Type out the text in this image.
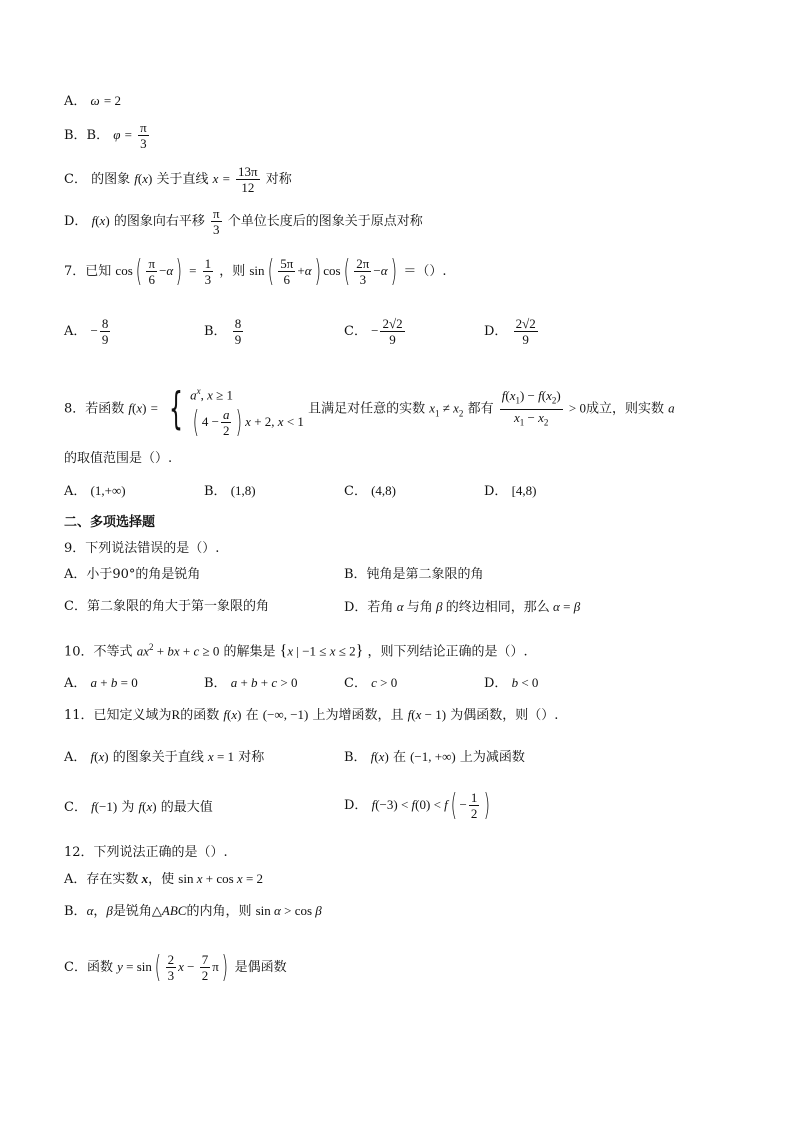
A． ω = 2
B．B． $\varphi = \frac{\pi}{3}$
C． 的图象 f(x) 关于直线 $x = \frac{13\pi}{12}$ 对称
D． f(x) 的图象向右平移 $\frac{\pi}{3}$ 个单位长度后的图象关于原点对称
7．已知 $\cos( \frac{\pi}{6} -\alpha) = \frac{1}{3}$ ，则 $\sin( \frac{5\pi}{6} +\alpha)$ $\cos( \frac{2\pi}{3} -\alpha)$ ＝（）.
A． − $\frac{8}{9}$	B． $\frac{8}{9}$	C． − $\frac{2√2}{9}$	D． $\frac{2√2}{9}$
8．若函数 f(x) = { $a^x$, x ≥ 1
( $4 - \frac{a}{2}$ ) x + 2, x < 1
且满足对任意的实数 $x_1 \ne x_2$ 都有 $\frac{f(x_1) - f(x_2)}{x_1 - x_2} > 0$成立，则实数 a
的取值范围是（）.
A． (1,+∞)	B． (1,8)	C． (4,8)	D． [4,8)
二、多项选择题
9．下列说法错误的是（）.
A．小于90°的角是锐角	B．钝角是第二象限的角
C．第二象限的角大于第一象限的角	D．若角 α 与角 β 的终边相同，那么 α = β
10．不等式 $ax^2$ + bx + c ≥ 0 的解集是 {x | −1 ≤ x ≤ 2} ，则下列结论正确的是（）.
A． a + b = 0	B． a + b + c > 0	C． c > 0	D． b < 0
11．已知定义域为R的函数 f(x) 在 (−∞, −1) 上为增函数，且 f(x − 1) 为偶函数，则（）.
A． f(x) 的图象关于直线 x = 1 对称	B． f(x) 在 (−1, +∞) 上为减函数
C． f(−1) 为 f(x) 的最大值	D． $f(-3) < f(0) < f( - \frac{1}{2}$ )
12．下列说法正确的是（）.
A．存在实数 x，使 sin x + cos x = 2
B．α，β是锐角△ABC的内角，则 sin α > cos β
C．函数 $y = \sin( \frac{2}{3}$ $x - \frac{7}{2} \pi$) 是偶函数
